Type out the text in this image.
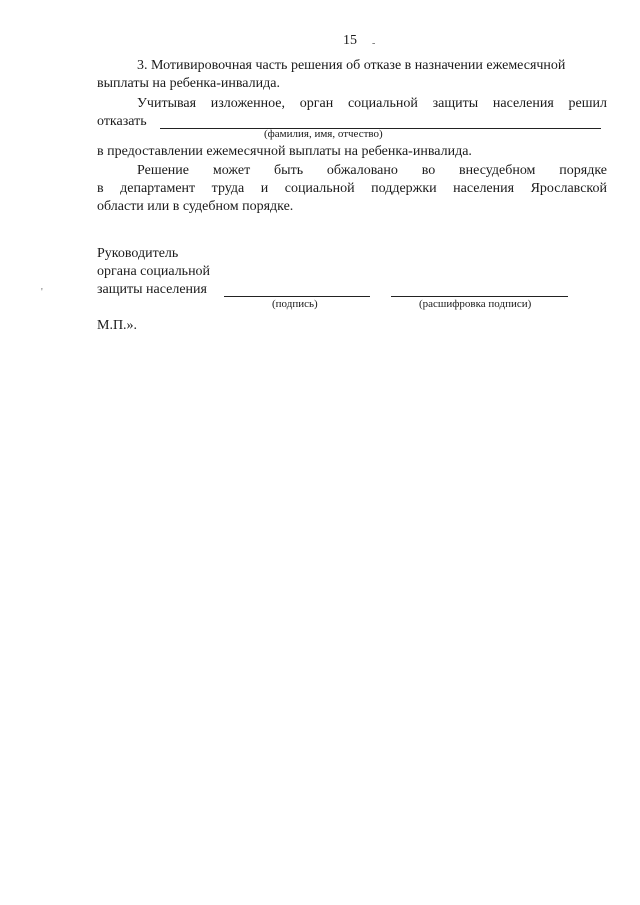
15	-
'
3. Мотивировочная часть решения об отказе в назначении ежемесячной
выплаты на ребенка-инвалида.
Учитывая изложенное, орган социальной защиты населения решил
отказать
(фамилия, имя, отчество)
в предоставлении ежемесячной выплаты на ребенка-инвалида.
Решение может быть обжаловано во внесудебном порядке
в департамент труда и социальной поддержки населения Ярославской
области или в судебном порядке.
Руководитель
органа социальной
защиты населения
(подпись)	(расшифровка подписи)
М.П.».
